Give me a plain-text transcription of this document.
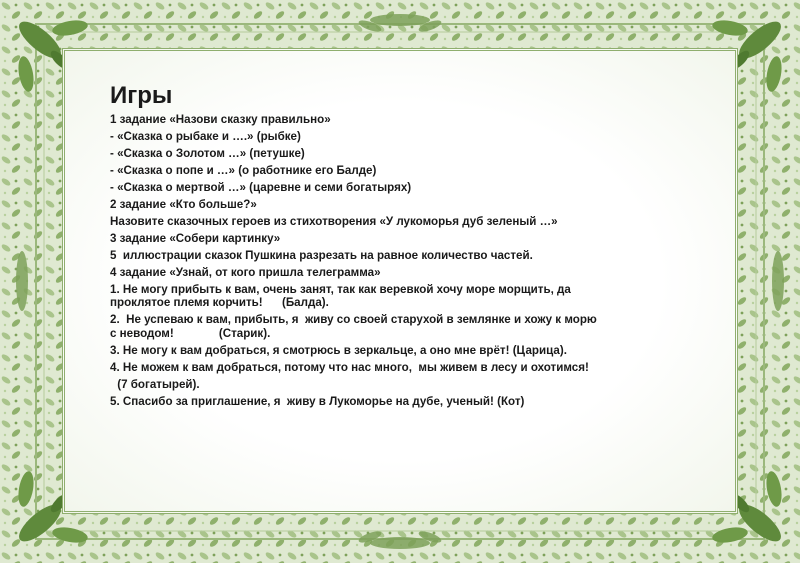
Игры
1 задание «Назови сказку правильно»
- «Сказка о рыбаке и ….» (рыбке)
- «Сказка о Золотом …» (петушке)
- «Сказка о попе и …» (о работнике его Балде)
- «Сказка о мертвой …» (царевне и семи богатырях)
2 задание «Кто больше?»
Назовите сказочных героев из стихотворения «У лукоморья дуб зеленый …»
3 задание «Собери картинку»
5  иллюстрации сказок Пушкина разрезать на равное количество частей.
4 задание «Узнай, от кого пришла телеграмма»
1. Не могу прибыть к вам, очень занят, так как веревкой хочу море морщить, да проклятое племя корчить!      (Балда).
2.  Не успеваю к вам, прибыть, я  живу со своей старухой в землянке и хожу к морю с неводом!              (Старик).
3. Не могу к вам добраться, я смотрюсь в зеркальце, а оно мне врёт! (Царица).
4. Не можем к вам добраться, потому что нас много,  мы живем в лесу и охотимся!
(7 богатырей).
5. Спасибо за приглашение, я  живу в Лукоморье на дубе, ученый! (Кот)
